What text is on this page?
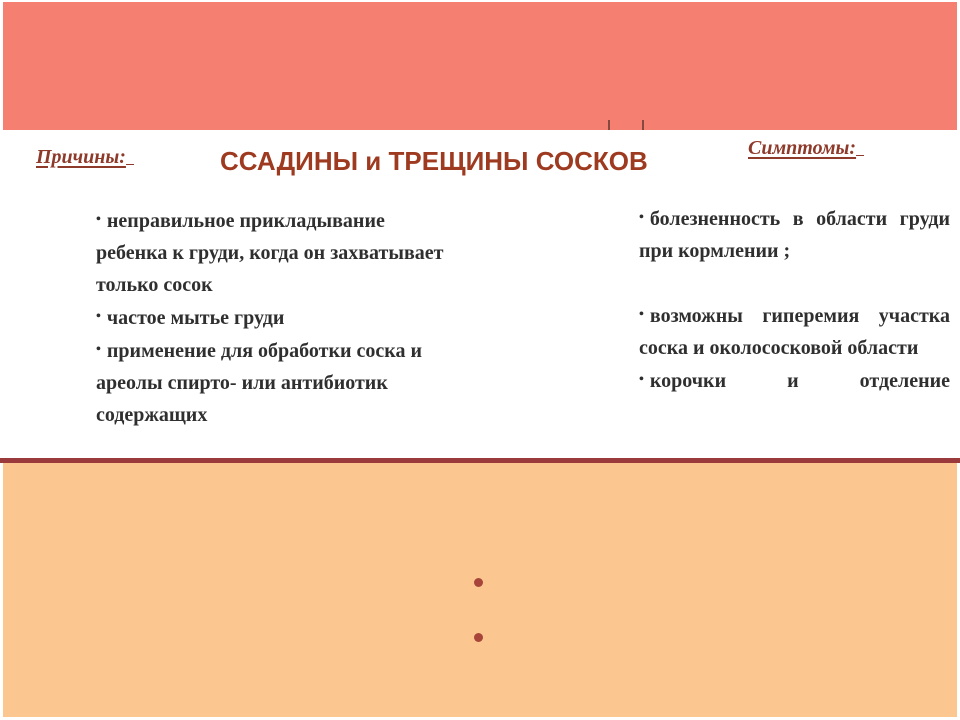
Причины:	ССАДИНЫ и ТРЕЩИНЫ СОСКОВ	Симптомы:
• неправильное прикладывание ребенка к груди, когда он захватывает только сосок
• частое мытье груди
• применение для обработки соска и ареолы спирто- или антибиотик содержащих
• болезненность в области груди при кормлении ;
• возможны гиперемия участка соска и околососковой области
• корочки и отделение
